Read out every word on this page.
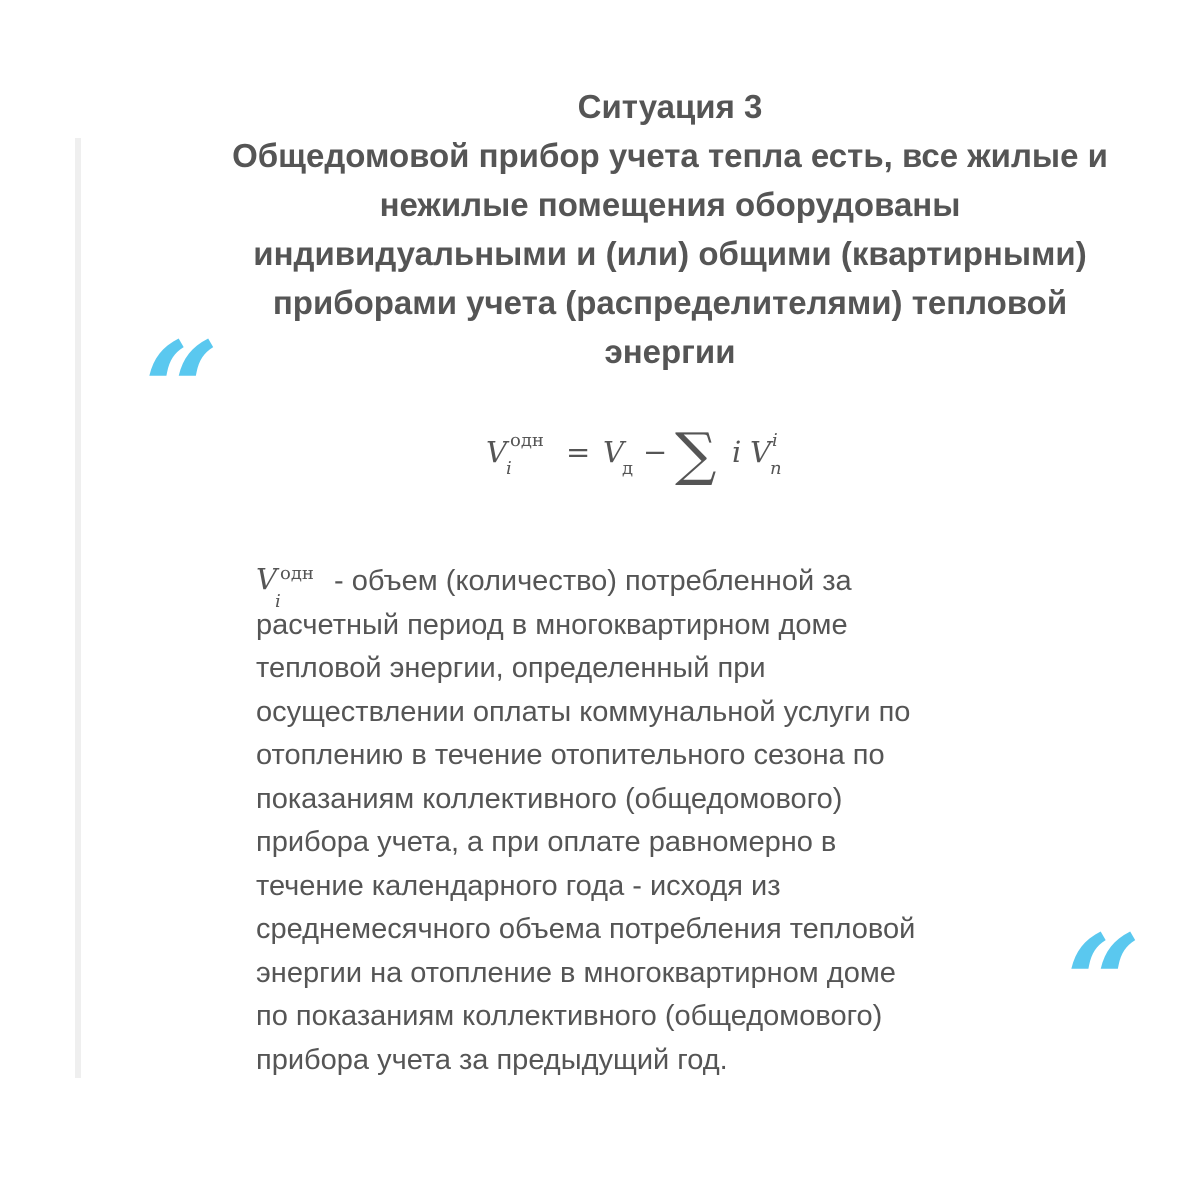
Ситуация 3
Общедомовой прибор учета тепла есть, все жилые и
нежилые помещения оборудованы
индивидуальными и (или) общими (квартирными)
приборами учета (распределителями) тепловой
энергии
“	V одн
i = V
д − ∑ i V n
i
V одн
i
- объем (количество) потребленной за
расчетный период в многоквартирном доме
тепловой энергии, определенный при
осуществлении оплаты коммунальной услуги по
отоплению в течение отопительного сезона по
показаниям коллективного (общедомового)
прибора учета, а при оплате равномерно в
течение календарного года - исходя из
среднемесячного объема потребления тепловой
энергии на отопление в многоквартирном доме
по показаниям коллективного (общедомового)
прибора учета за предыдущий год.
“
